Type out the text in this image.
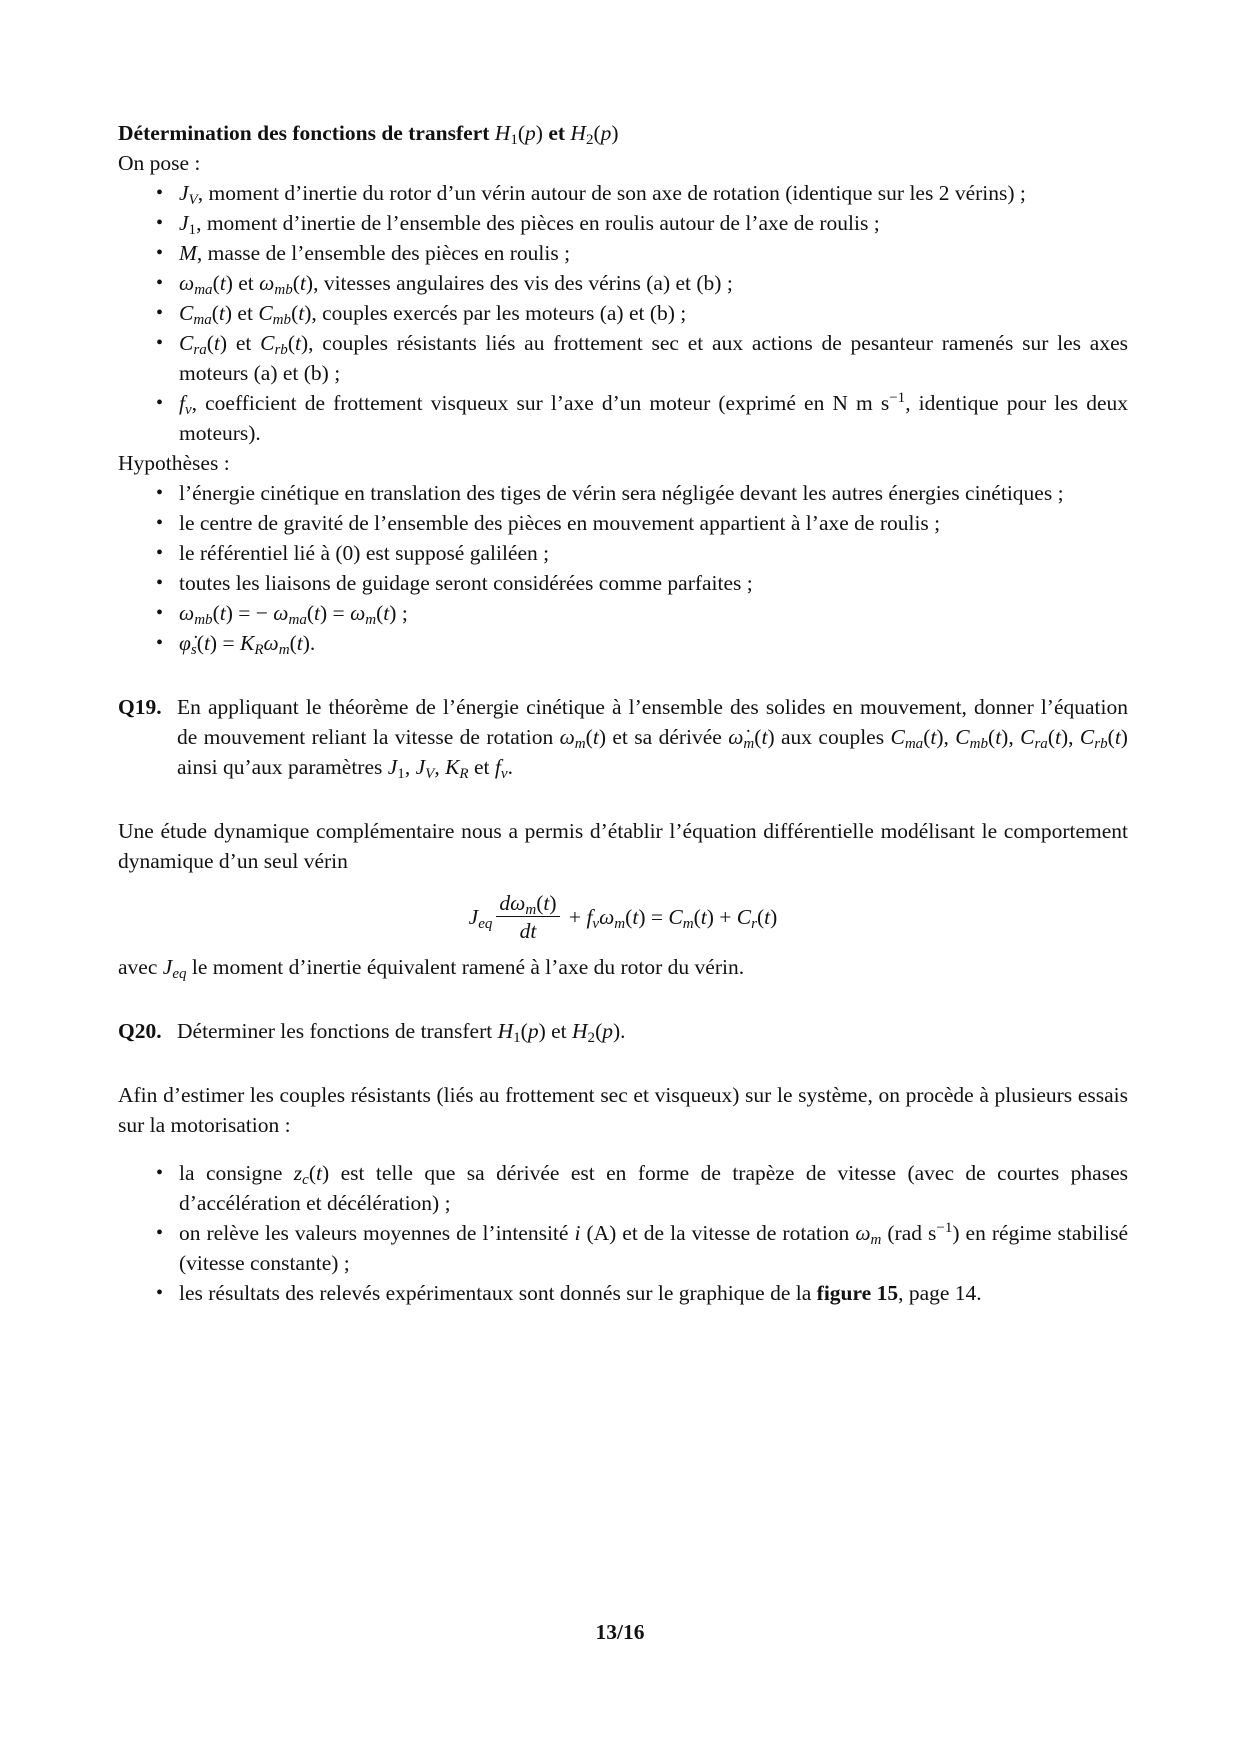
Détermination des fonctions de transfert $H_1(p)$ et $H_2(p)$
On pose :
• $J_V$, moment d’inertie du rotor d’un vérin autour de son axe de rotation (identique sur les 2 vérins) ;
• $J_1$, moment d’inertie de l’ensemble des pièces en roulis autour de l’axe de roulis ;
• M, masse de l’ensemble des pièces en roulis ;
• $\omega_{ma}(t)$ et $\omega_{mb}(t)$, vitesses angulaires des vis des vérins (a) et (b) ;
• $C_{ma}(t)$ et $C_{mb}(t)$, couples exercés par les moteurs (a) et (b) ;
• $C_{ra}(t)$ et $C_{rb}(t)$, couples résistants liés au frottement sec et aux actions de pesanteur ramenés sur les axes moteurs (a) et (b) ;
• $f_v$, coefficient de frottement visqueux sur l’axe d’un moteur (exprimé en N m $s^{-1}$, identique pour les deux moteurs).
Hypothèses :
• l’énergie cinétique en translation des tiges de vérin sera négligée devant les autres énergies cinétiques ;
• le centre de gravité de l’ensemble des pièces en mouvement appartient à l’axe de roulis ;
• le référentiel lié à (0) est supposé galiléen ;
• toutes les liaisons de guidage seront considérées comme parfaites ;
• $\omega_{mb}(t)$ = − $\omega_{ma}(t) = \omega_m(t)$ ;
• $\varphi̇_s(t) = K_R\omega_m(t)$.
Q19. En appliquant le théorème de l’énergie cinétique à l’ensemble des solides en mouvement, donner l’équation de mouvement reliant la vitesse de rotation $\omega_m(t)$ et sa dérivée $\omegȧ_m(t)$ aux couples $C_{ma}(t)$, $C_{mb}(t)$, $C_{ra}(t)$, $C_{rb}(t)$ ainsi qu’aux paramètres $J_1$, $J_V$, $K_R$ et $f_v$.

Une étude dynamique complémentaire nous a permis d’établir l’équation différentielle modélisant le comportement dynamique d’un seul vérin

$J_{eq} \frac{d\omega_m(t)}{dt} + f_v\omega_m(t) = C_m(t) + C_r(t)$

avec $J_{eq}$ le moment d’inertie équivalent ramené à l’axe du rotor du vérin.

Q20. Déterminer les fonctions de transfert $H_1(p)$ et $H_2(p)$.

Afin d’estimer les couples résistants (liés au frottement sec et visqueux) sur le système, on procède à plusieurs essais sur la motorisation :

• la consigne $z_c(t)$ est telle que sa dérivée est en forme de trapèze de vitesse (avec de courtes phases d’accélération et décélération) ;
• on relève les valeurs moyennes de l’intensité i (A) et de la vitesse de rotation $\omega_m$ (rad $s^{-1}$) en régime stabilisé (vitesse constante) ;
• les résultats des relevés expérimentaux sont donnés sur le graphique de la figure 15, page 14.
13/16
